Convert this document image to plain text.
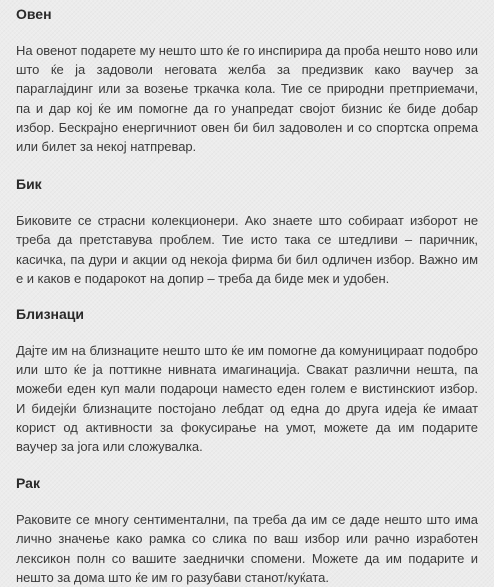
Овен

На овенот подарете му нешто што ќе го инспирира да проба нешто ново или што ќе ја задоволи неговата желба за предизвик како ваучер за параглајдинг или за возење тркачка кола. Тие се природни претприемачи, па и дар кој ќе им помогне да го унапредат својот бизнис ќе биде добар избор. Бескрајно енергичниот овен би бил задоволен и со спортска опрема или билет за некој натпревар.

Бик

Биковите се страсни колекционери. Ако знаете што собираат изборот не треба да претставува проблем. Тие исто така се штедливи – паричник, касичка, па дури и акции од некоја фирма би бил одличен избор. Важно им е и каков е подарокот на допир – треба да биде мек и удобен.

Близнаци

Дајте им на близнаците нешто што ќе им помогне да комуницираат подобро или што ќе ја поттикне нивната имагинација. Свакат различни нешта, па можеби еден куп мали подароци наместо еден голем е вистинскиот избор. И бидејќи близнаците постојано лебдат од една до друга идеја ќе имаат корист од активности за фокусирање на умот, можете да им подарите ваучер за јога или сложувалка.

Рак

Раковите се многу сентиментални, па треба да им се даде нешто што има лично значење како рамка со слика по ваш избор или рачно изработен лексикон полн со вашите заеднички спомени. Можете да им подарите и нешто за дома што ќе им го разубави станот/куќата.
